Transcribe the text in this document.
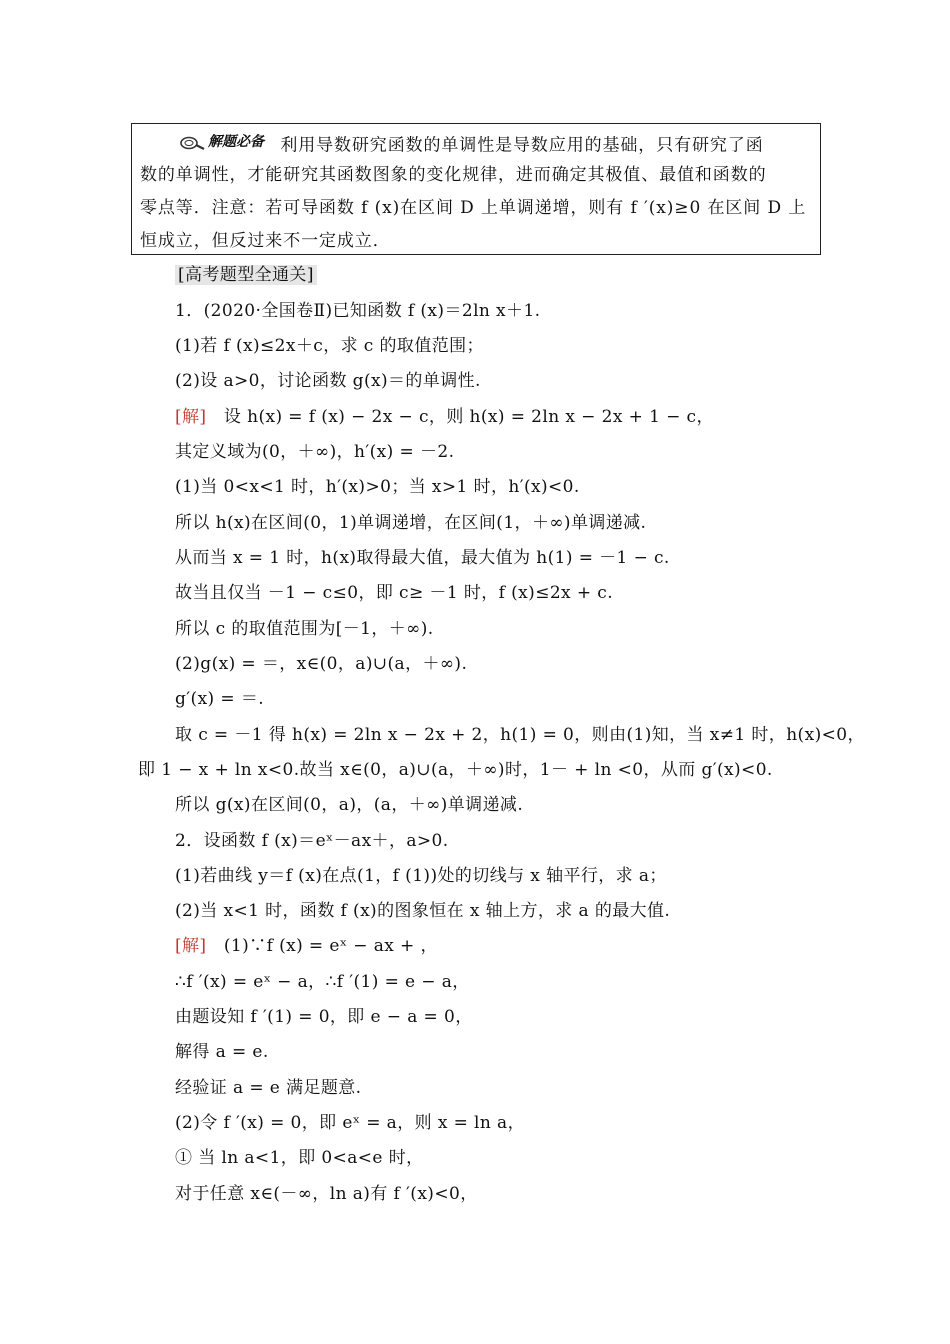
解题必备 利用导数研究函数的单调性是导数应用的基础，只有研究了函
数的单调性，才能研究其函数图象的变化规律，进而确定其极值、最值和函数的
零点等．注意：若可导函数 f (x)在区间 D 上单调递增，则有 f ′(x)≥0 在区间 D 上
恒成立，但反过来不一定成立．
[高考题型全通关]
1．(2020·全国卷Ⅱ)已知函数 f (x)＝2ln x＋1.
(1)若 f (x)≤2x＋c，求 c 的取值范围；
(2)设 a>0，讨论函数 g(x)＝的单调性.
[解] 设 h(x) = f (x) − 2x − c，则 h(x) = 2ln x − 2x + 1 − c，
其定义域为(0，＋∞)，h′(x) = －2.
(1)当 0<x<1 时，h′(x)>0；当 x>1 时，h′(x)<0.
所以 h(x)在区间(0，1)单调递增，在区间(1，＋∞)单调递减.
从而当 x = 1 时，h(x)取得最大值，最大值为 h(1) = －1 − c.
故当且仅当 －1 − c≤0，即 c≥ －1 时，f (x)≤2x + c.
所以 c 的取值范围为[－1，＋∞).
(2)g(x) = ＝，x∈(0，a)∪(a，＋∞).
g′(x) = ＝.
取 c = －1 得 h(x) = 2ln x − 2x + 2，h(1) = 0，则由(1)知，当 x≠1 时，h(x)<0，
即 1 − x + ln x<0.故当 x∈(0，a)∪(a，＋∞)时，1－ + ln <0，从而 g′(x)<0.
所以 g(x)在区间(0，a)，(a，＋∞)单调递减.
2．设函数 f (x)＝eˣ－ax＋，a>0.
(1)若曲线 y＝f (x)在点(1，f (1))处的切线与 x 轴平行，求 a；
(2)当 x<1 时，函数 f (x)的图象恒在 x 轴上方，求 a 的最大值.
[解] (1)∵f (x) = eˣ − ax + ，
∴f ′(x) = eˣ − a，∴f ′(1) = e − a，
由题设知 f ′(1) = 0，即 e − a = 0，
解得 a = e.
经验证 a = e 满足题意.
(2)令 f ′(x) = 0，即 eˣ = a，则 x = ln a，
① 当 ln a<1，即 0<a<e 时，
对于任意 x∈(－∞，ln a)有 f ′(x)<0，
